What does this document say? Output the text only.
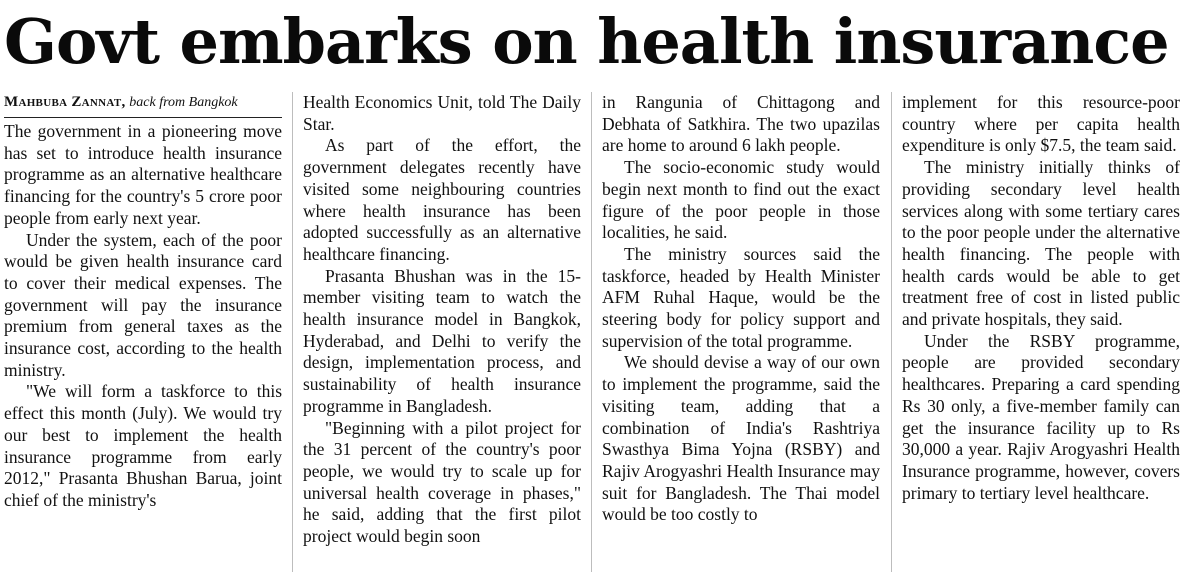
Govt embarks on health insurance
Mahbuba Zannat, back from Bangkok

The government in a pioneering move has set to introduce health insurance programme as an alternative healthcare financing for the country's 5 crore poor people from early next year.

Under the system, each of the poor would be given health insurance card to cover their medical expenses. The government will pay the insurance premium from general taxes as the insurance cost, according to the health ministry.

"We will form a taskforce to this effect this month (July). We would try our best to implement the health insurance programme from early 2012," Prasanta Bhushan Barua, joint chief of the ministry's

Health Economics Unit, told The Daily Star.

As part of the effort, the government delegates recently have visited some neighbouring countries where health insurance has been adopted successfully as an alternative healthcare financing.

Prasanta Bhushan was in the 15-member visiting team to watch the health insurance model in Bangkok, Hyderabad, and Delhi to verify the design, implementation process, and sustainability of health insurance programme in Bangladesh.

"Beginning with a pilot project for the 31 percent of the country's poor people, we would try to scale up for universal health coverage in phases," he said, adding that the first pilot project would begin soon

in Rangunia of Chittagong and Debhata of Satkhira. The two upazilas are home to around 6 lakh people.

The socio-economic study would begin next month to find out the exact figure of the poor people in those localities, he said.

The ministry sources said the taskforce, headed by Health Minister AFM Ruhal Haque, would be the steering body for policy support and supervision of the total programme.

We should devise a way of our own to implement the programme, said the visiting team, adding that a combination of India's Rashtriya Swasthya Bima Yojna (RSBY) and Rajiv Arogyashri Health Insurance may suit for Bangladesh. The Thai model would be too costly to

implement for this resource-poor country where per capita health expenditure is only $7.5, the team said.

The ministry initially thinks of providing secondary level health services along with some tertiary cares to the poor people under the alternative health financing. The people with health cards would be able to get treatment free of cost in listed public and private hospitals, they said.

Under the RSBY programme, people are provided secondary healthcares. Preparing a card spending Rs 30 only, a five-member family can get the insurance facility up to Rs 30,000 a year. Rajiv Arogyashri Health Insurance programme, however, covers primary to tertiary level healthcare.
